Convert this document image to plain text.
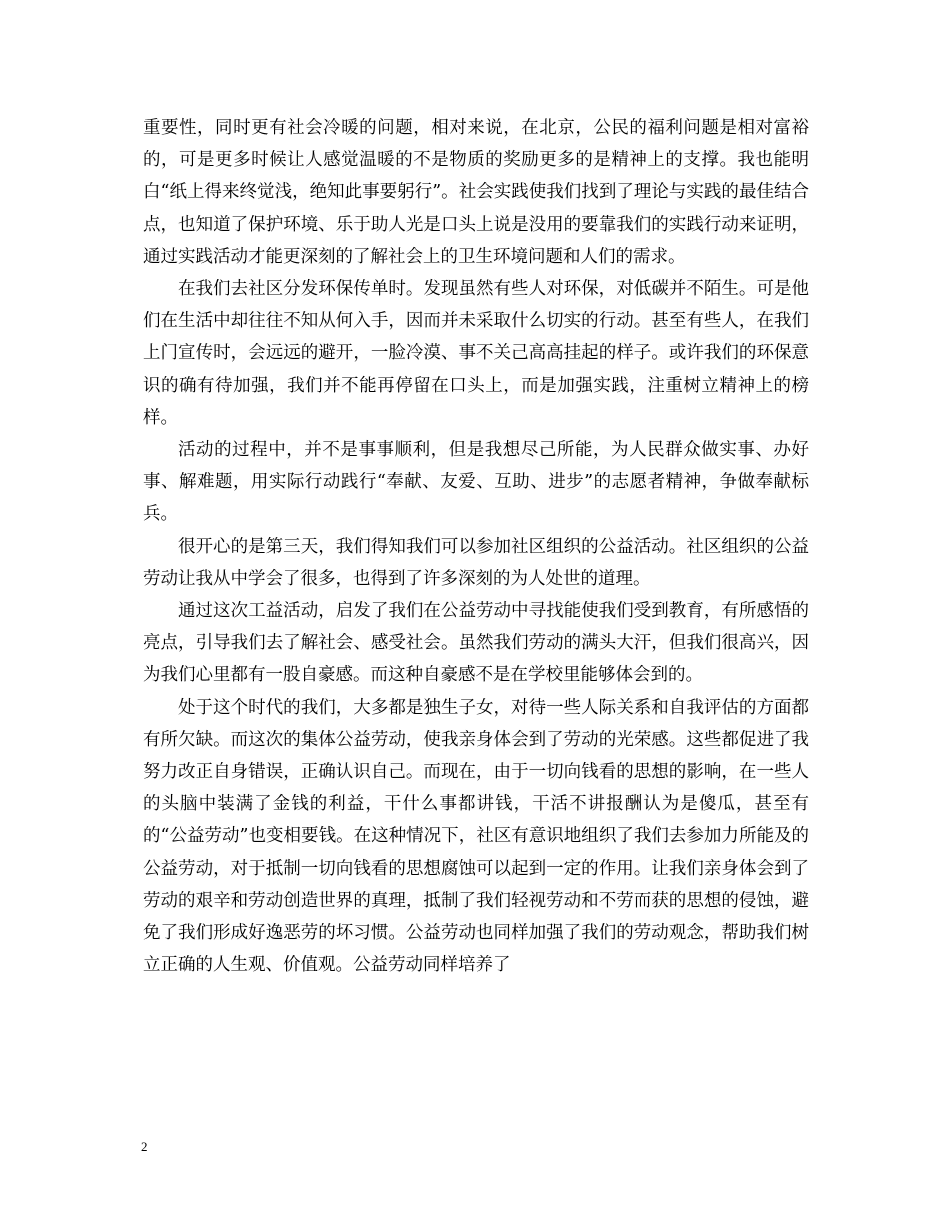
重要性，同时更有社会冷暖的问题，相对来说，在北京，公民的福利问题是相对富裕的，可是更多时候让人感觉温暖的不是物质的奖励更多的是精神上的支撑。我也能明白“纸上得来终觉浅，绝知此事要躬行”。社会实践使我们找到了理论与实践的最佳结合点，也知道了保护环境、乐于助人光是口头上说是没用的要靠我们的实践行动来证明，通过实践活动才能更深刻的了解社会上的卫生环境问题和人们的需求。

在我们去社区分发环保传单时。发现虽然有些人对环保，对低碳并不陌生。可是他们在生活中却往往不知从何入手，因而并未采取什么切实的行动。甚至有些人，在我们上门宣传时，会远远的避开，一脸冷漠、事不关己高高挂起的样子。或许我们的环保意识的确有待加强，我们并不能再停留在口头上，而是加强实践，注重树立精神上的榜样。

活动的过程中，并不是事事顺利，但是我想尽己所能，为人民群众做实事、办好事、解难题，用实际行动践行“奉献、友爱、互助、进步”的志愿者精神，争做奉献标兵。

很开心的是第三天，我们得知我们可以参加社区组织的公益活动。社区组织的公益劳动让我从中学会了很多，也得到了许多深刻的为人处世的道理。

通过这次工益活动，启发了我们在公益劳动中寻找能使我们受到教育，有所感悟的亮点，引导我们去了解社会、感受社会。虽然我们劳动的满头大汗，但我们很高兴，因为我们心里都有一股自豪感。而这种自豪感不是在学校里能够体会到的。

处于这个时代的我们，大多都是独生子女，对待一些人际关系和自我评估的方面都有所欠缺。而这次的集体公益劳动，使我亲身体会到了劳动的光荣感。这些都促进了我努力改正自身错误，正确认识自己。而现在，由于一切向钱看的思想的影响，在一些人的头脑中装满了金钱的利益，干什么事都讲钱，干活不讲报酬认为是傻瓜，甚至有的“公益劳动”也变相要钱。在这种情况下，社区有意识地组织了我们去参加力所能及的公益劳动，对于抵制一切向钱看的思想腐蚀可以起到一定的作用。让我们亲身体会到了劳动的艰辛和劳动创造世界的真理，抵制了我们轻视劳动和不劳而获的思想的侵蚀，避免了我们形成好逸恶劳的坏习惯。公益劳动也同样加强了我们的劳动观念，帮助我们树立正确的人生观、价值观。公益劳动同样培养了

2
